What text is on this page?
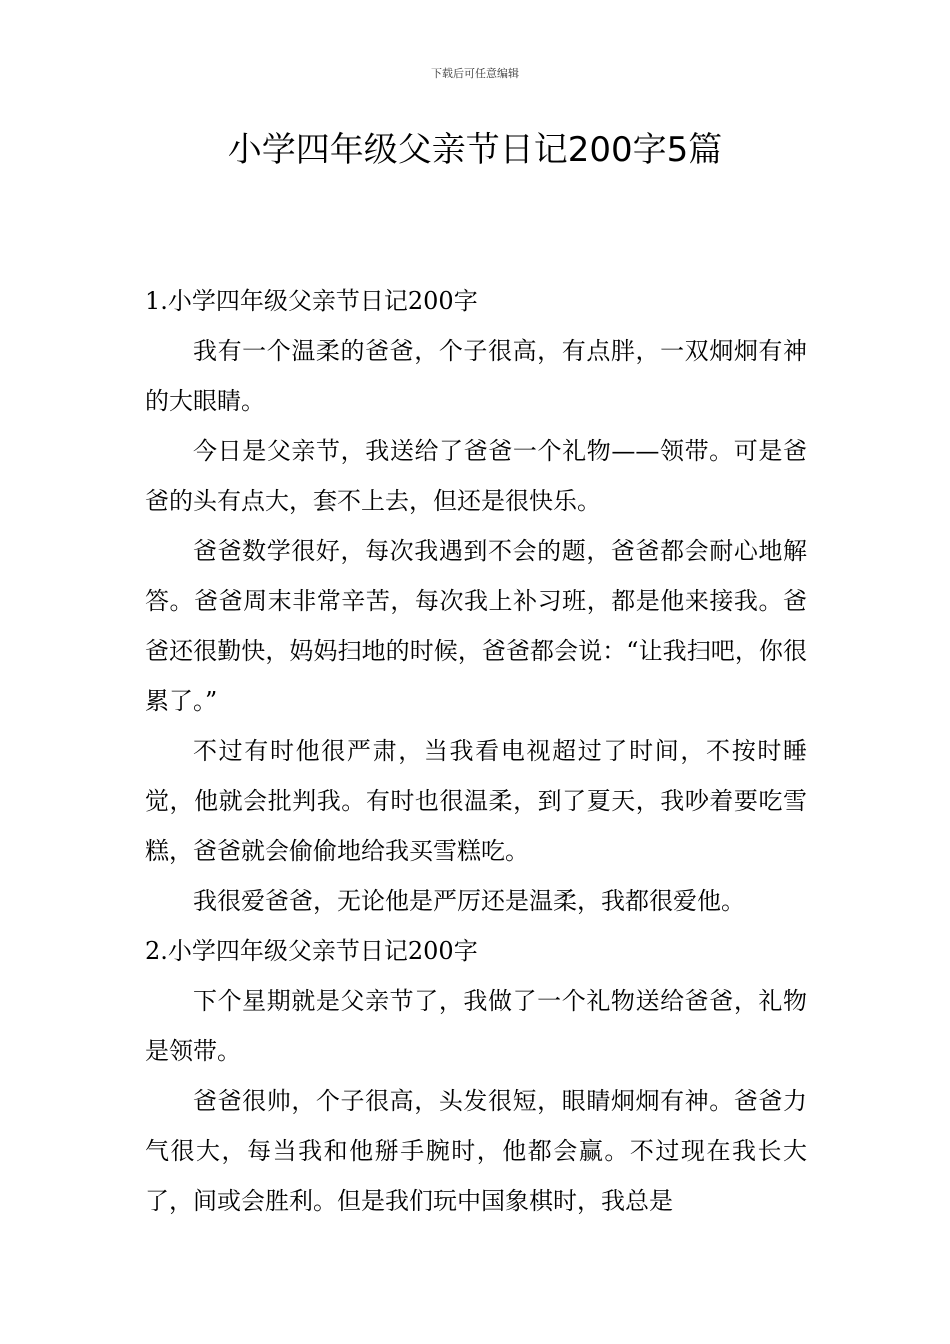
下载后可任意编辑
小学四年级父亲节日记200字5篇

1.小学四年级父亲节日记200字

我有一个温柔的爸爸，个子很高，有点胖，一双炯炯有神的大眼睛。

今日是父亲节，我送给了爸爸一个礼物——领带。可是爸爸的头有点大，套不上去，但还是很快乐。

爸爸数学很好，每次我遇到不会的题，爸爸都会耐心地解答。爸爸周末非常辛苦，每次我上补习班，都是他来接我。爸爸还很勤快，妈妈扫地的时候，爸爸都会说：“让我扫吧，你很累了。”

不过有时他很严肃，当我看电视超过了时间，不按时睡觉，他就会批判我。有时也很温柔，到了夏天，我吵着要吃雪糕，爸爸就会偷偷地给我买雪糕吃。

我很爱爸爸，无论他是严厉还是温柔，我都很爱他。

2.小学四年级父亲节日记200字

下个星期就是父亲节了，我做了一个礼物送给爸爸，礼物是领带。

爸爸很帅，个子很高，头发很短，眼睛炯炯有神。爸爸力气很大，每当我和他掰手腕时，他都会赢。不过现在我长大了，间或会胜利。但是我们玩中国象棋时，我总是
